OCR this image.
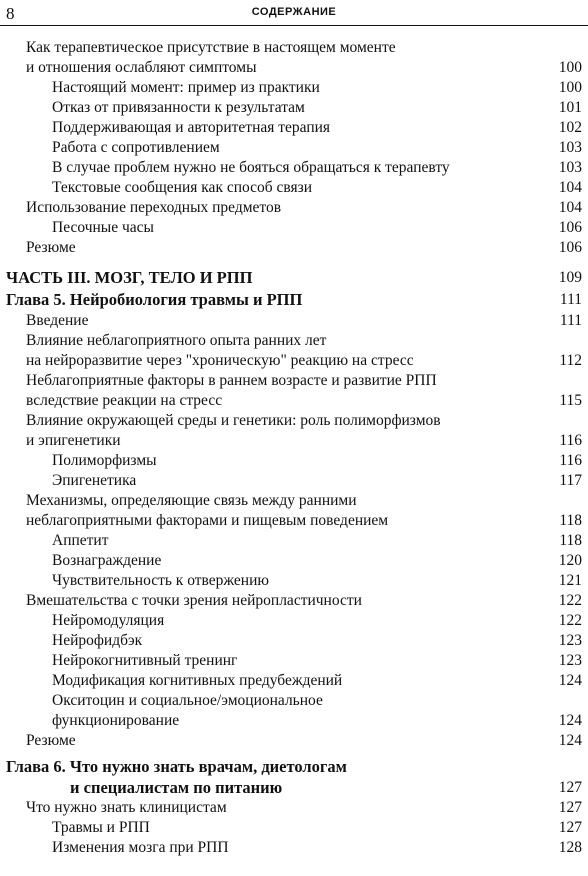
8	СОДЕРЖАНИЕ
Как терапевтическое присутствие в настоящем моменте
и отношения ослабляют симптомы	100
Настоящий момент: пример из практики	100
Отказ от привязанности к результатам	101
Поддерживающая и авторитетная терапия	102
Работа с сопротивлением	103
В случае проблем нужно не бояться обращаться к терапевту	103
Текстовые сообщения как способ связи	104
Использование переходных предметов	104
Песочные часы	106
Резюме	106
ЧАСТЬ III. МОЗГ, ТЕЛО И РПП	109
Глава 5. Нейробиология травмы и РПП	111
Введение	111
Влияние неблагоприятного опыта ранних лет
на нейроразвитие через "хроническую" реакцию на стресс	112
Неблагоприятные факторы в раннем возрасте и развитие РПП
вследствие реакции на стресс	115
Влияние окружающей среды и генетики: роль полиморфизмов
и эпигенетики	116
Полиморфизмы	116
Эпигенетика	117
Механизмы, определяющие связь между ранними
неблагоприятными факторами и пищевым поведением	118
Аппетит	118
Вознаграждение	120
Чувствительность к отвержению	121
Вмешательства с точки зрения нейропластичности	122
Нейромодуляция	122
Нейрофидбэк	123
Нейрокогнитивный тренинг	123
Модификация когнитивных предубеждений	124
Окситоцин и социальное/эмоциональное
функционирование	124
Резюме	124
Глава 6. Что нужно знать врачам, диетологам
и специалистам по питанию	127
Что нужно знать клиницистам	127
Травмы и РПП	127
Изменения мозга при РПП	128
